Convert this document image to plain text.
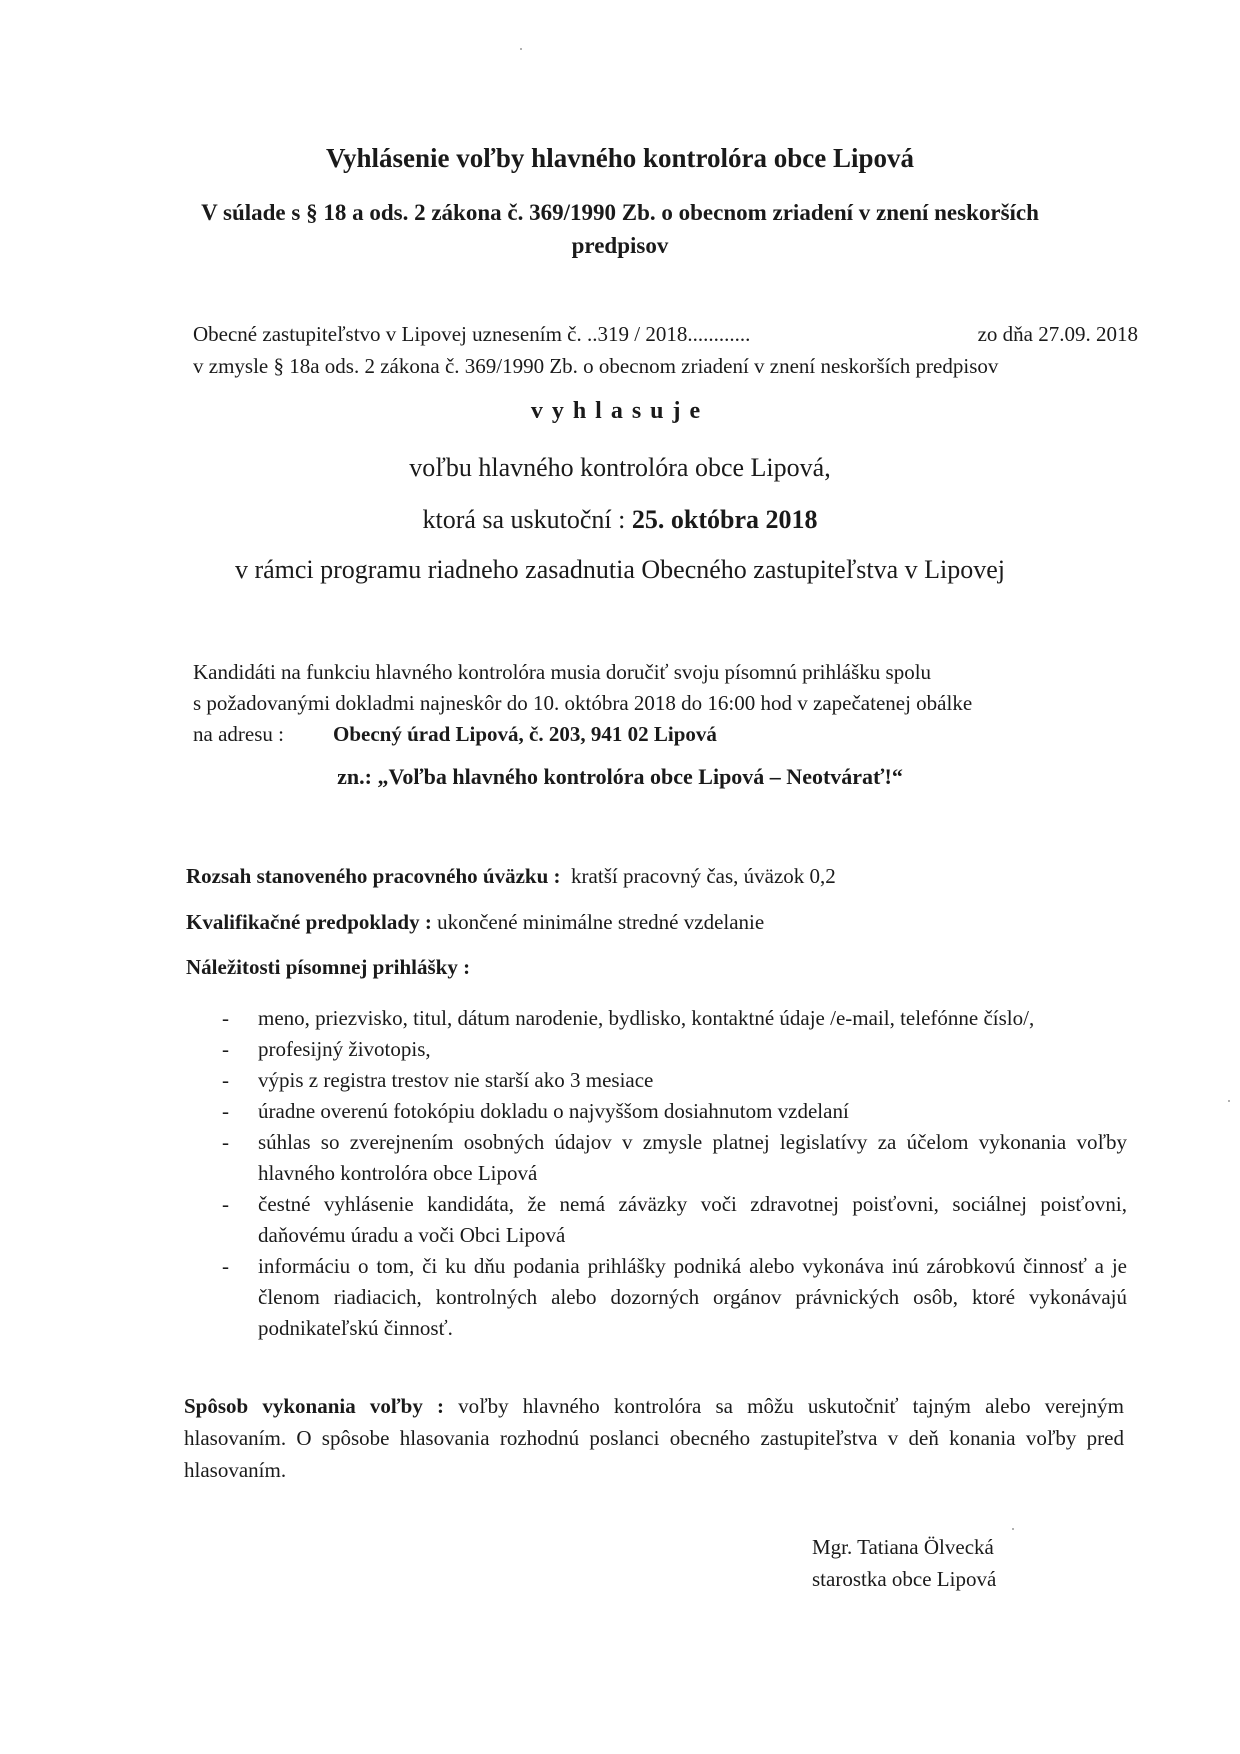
Vyhlásenie voľby hlavného kontrolóra obce Lipová
V súlade s § 18 a ods. 2 zákona č. 369/1990 Zb. o obecnom zriadení v znení neskorších predpisov
Obecné zastupiteľstvo v Lipovej uznesením č. ..319 / 2018............	zo dňa 27.09. 2018
v zmysle § 18a ods. 2 zákona č. 369/1990 Zb. o obecnom zriadení v znení neskorších predpisov
vyhlasuje
voľbu hlavného kontrolóra obce Lipová,
ktorá sa uskutoční : 25. októbra 2018
v rámci programu riadneho zasadnutia Obecného zastupiteľstva v Lipovej
Kandidáti na funkciu hlavného kontrolóra musia doručiť svoju písomnú prihlášku spolu
s požadovanými dokladmi najneskôr do 10. októbra 2018 do 16:00 hod v zapečatenej obálke
na adresu : Obecný úrad Lipová, č. 203, 941 02 Lipová
zn.: „Voľba hlavného kontrolóra obce Lipová – Neotvárať!“
Rozsah stanoveného pracovného úväzku : kratší pracovný čas, úväzok 0,2
Kvalifikačné predpoklady : ukončené minimálne stredné vzdelanie
Náležitosti písomnej prihlášky :
-	meno, priezvisko, titul, dátum narodenie, bydlisko, kontaktné údaje /e-mail, telefónne číslo/,
-	profesijný životopis,
-	výpis z registra trestov nie starší ako 3 mesiace
-	úradne overenú fotokópiu dokladu o najvyššom dosiahnutom vzdelaní
-	súhlas so zverejnením osobných údajov v zmysle platnej legislatívy za účelom vykonania voľby hlavného kontrolóra obce Lipová
-	čestné vyhlásenie kandidáta, že nemá záväzky voči zdravotnej poisťovni, sociálnej poisťovni, daňovému úradu a voči Obci Lipová
-	informáciu o tom, či ku dňu podania prihlášky podniká alebo vykonáva inú zárobkovú činnosť a je členom riadiacich, kontrolných alebo dozorných orgánov právnických osôb, ktoré vykonávajú podnikateľskú činnosť.
Spôsob vykonania voľby : voľby hlavného kontrolóra sa môžu uskutočniť tajným alebo verejným hlasovaním. O spôsobe hlasovania rozhodnú poslanci obecného zastupiteľstva v deň konania voľby pred hlasovaním.
Mgr. Tatiana Ölvecká
starostka obce Lipová
